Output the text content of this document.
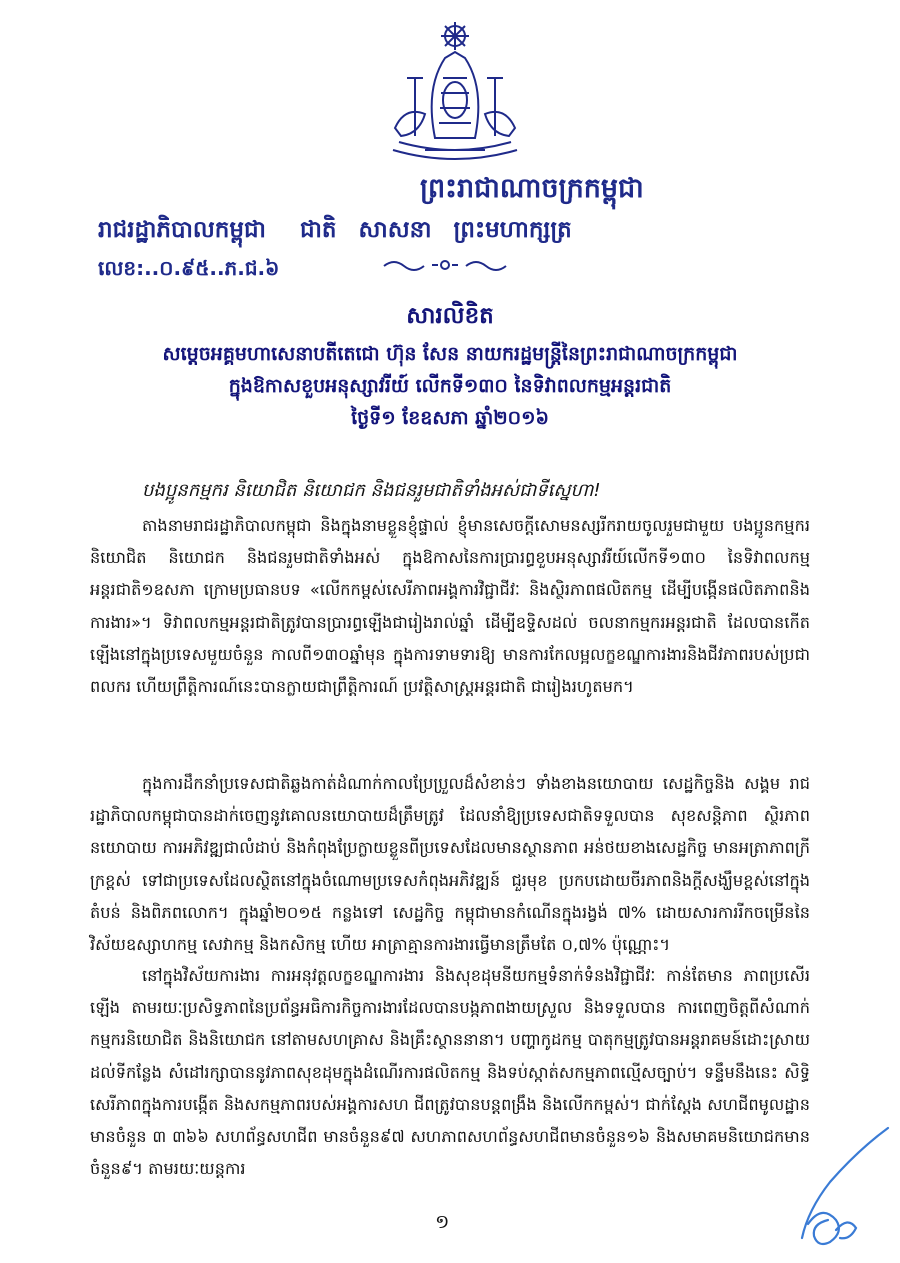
ព្រះរាជាណាចក្រកម្ពុជា
រាជរដ្ឋាភិបាលកម្ពុជា ជាតិ សាសនា ព្រះមហាក្សត្រ
លេខ:..០.៩៥..ភ.ជ.៦
សារលិខិត
សម្តេចអគ្គមហាសេនាបតីតេជោ ហ៊ុន សែន នាយករដ្ឋមន្ត្រីនៃព្រះរាជាណាចក្រកម្ពុជា
ក្នុងឱកាសខួបអនុស្សាវរីយ៍ លើកទី១៣០ នៃទិវាពលកម្មអន្តរជាតិ
ថ្ងៃទី១ ខែឧសភា ឆ្នាំ២០១៦
បងប្អូនកម្មករ និយោជិត និយោជក និងជនរួមជាតិទាំងអស់ជាទីស្នេហា!

តាងនាមរាជរដ្ឋាភិបាលកម្ពុជា និងក្នុងនាមខ្លួនខ្ញុំផ្ទាល់ ខ្ញុំមានសេចក្តីសោមនស្សរីករាយចូលរួមជាមួយ បងប្អូនកម្មករ និយោជិត និយោជក និងជនរួមជាតិទាំងអស់ ក្នុងឱកាសនៃការប្រារព្ធខួបអនុស្សាវរីយ៍លើកទី១៣០ នៃទិវាពលកម្មអន្តរជាតិ១ឧសភា ក្រោមប្រធានបទ «លើកកម្ពស់សេរីភាពអង្គការវិជ្ជាជីវៈ និងស្ថិរភាពផលិតកម្ម ដើម្បីបង្កើនផលិតភាពនិងការងារ»។ ទិវាពលកម្មអន្តរជាតិត្រូវបានប្រារព្ធឡើងជារៀងរាល់ឆ្នាំ ដើម្បីឧទ្ទិសដល់ ចលនាកម្មករអន្តរជាតិ ដែលបានកើតឡើងនៅក្នុងប្រទេសមួយចំនួន កាលពី១៣០ឆ្នាំមុន ក្នុងការទាមទារឱ្យ មានការកែលម្អលក្ខខណ្ឌការងារនិងជីវភាពរបស់ប្រជាពលករ ហើយព្រឹត្តិការណ៍នេះបានក្លាយជាព្រឹត្តិការណ៍ ប្រវត្តិសាស្ត្រអន្តរជាតិ ជារៀងរហូតមក។

ក្នុងការដឹកនាំប្រទេសជាតិឆ្លងកាត់ដំណាក់កាលប្រែប្រួលដ៏សំខាន់ៗ ទាំងខាងនយោបាយ សេដ្ឋកិច្ចនិង សង្គម រាជរដ្ឋាភិបាលកម្ពុជាបានដាក់ចេញនូវគោលនយោបាយដ៏ត្រឹមត្រូវ ដែលនាំឱ្យប្រទេសជាតិទទួលបាន សុខសន្តិភាព ស្ថិរភាពនយោបាយ ការអភិវឌ្ឍជាលំដាប់ និងកំពុងប្រែក្លាយខ្លួនពីប្រទេសដែលមានស្ថានភាព អន់ថយខាងសេដ្ឋកិច្ច មានអត្រាភាពក្រីក្រខ្ពស់ ទៅជាប្រទេសដែលស្ថិតនៅក្នុងចំណោមប្រទេសកំពុងអភិវឌ្ឍន៍ ជួរមុខ ប្រកបដោយចីរភាពនិងក្តីសង្ឃឹមខ្ពស់នៅក្នុងតំបន់ និងពិភពលោក។ ក្នុងឆ្នាំ២០១៥ កន្លងទៅ សេដ្ឋកិច្ច កម្ពុជាមានកំណើនក្នុងរង្វង់ ៧% ដោយសារការរីកចម្រើននៃវិស័យឧស្សាហកម្ម សេវាកម្ម និងកសិកម្ម ហើយ អាត្រាគ្មានការងារធ្វើមានត្រឹមតែ ០,៧% ប៉ុណ្ណោះ។

នៅក្នុងវិស័យការងារ ការអនុវត្តលក្ខខណ្ឌការងារ និងសុខដុមនីយកម្មទំនាក់ទំនងវិជ្ជាជីវៈ កាន់តែមាន ភាពប្រសើរឡើង តាមរយៈប្រសិទ្ធភាពនៃប្រព័ន្ធអធិការកិច្ចការងារដែលបានបង្កភាពងាយស្រួល និងទទួលបាន ការពេញចិត្តពីសំណាក់កម្មករនិយោជិត និងនិយោជក នៅតាមសហគ្រាស និងគ្រឹះស្ថាននានា។ បញ្ហាកូដកម្ម បាតុកម្មត្រូវបានអន្តរាគមន៍ដោះស្រាយដល់ទីកន្លែង សំដៅរក្សាបាននូវភាពសុខដុមក្នុងដំណើរការផលិតកម្ម និងទប់ស្កាត់សកម្មភាពល្មើសច្បាប់។ ទន្ទឹមនឹងនេះ សិទ្ធិសេរីភាពក្នុងការបង្កើត និងសកម្មភាពរបស់អង្គការសហ ជីពត្រូវបានបន្តពង្រឹង និងលើកកម្ពស់។ ជាក់ស្តែង សហជីពមូលដ្ឋានមានចំនួន ៣ ៣៦៦ សហព័ន្ធសហជីព មានចំនួន៩៧ សហភាពសហព័ន្ធសហជីពមានចំនួន១៦ និងសមាគមនិយោជកមានចំនួន៩។ តាមរយៈយន្តការ

១
